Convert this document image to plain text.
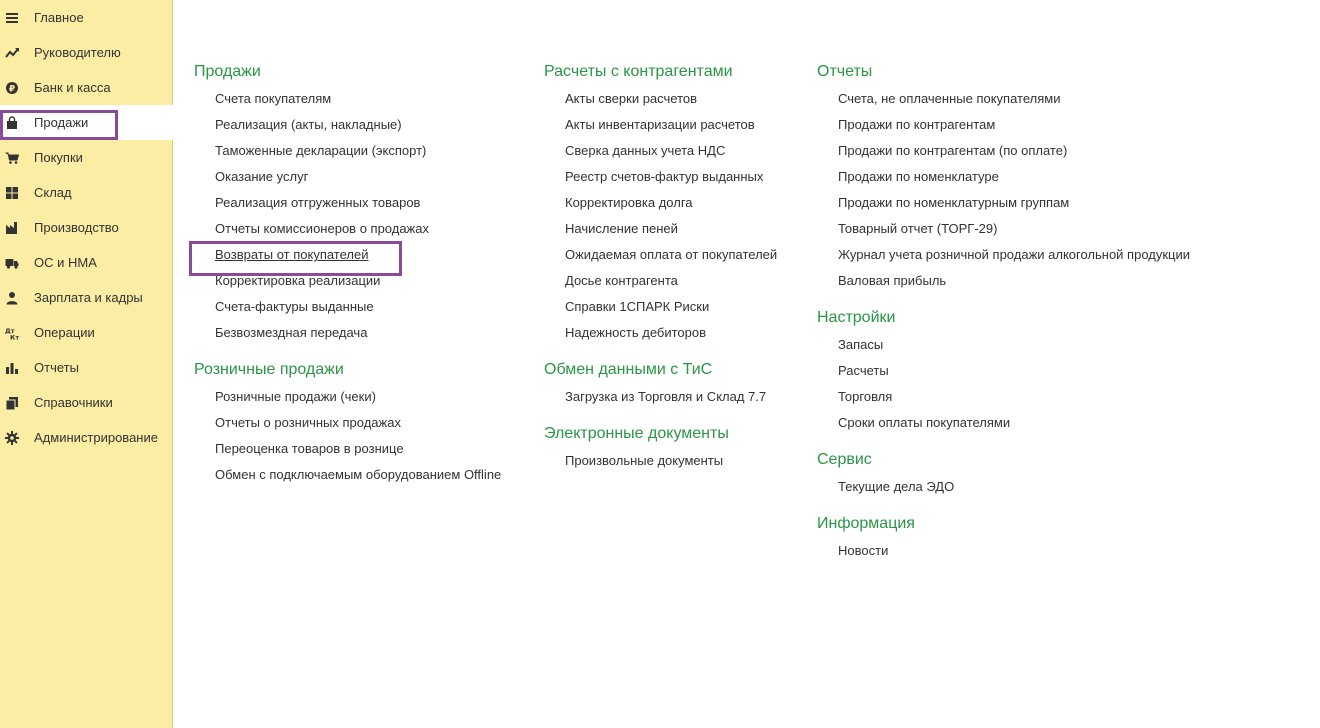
Главное
Руководителю
₽ Банк и касса
Продажи
Покупки
Склад
Производство
ОС и НМА
Зарплата и кадры
Дт
Кт Операции
Отчеты
Справочники
Администрирование
Продажи
Счета покупателям
Реализация (акты, накладные)
Таможенные декларации (экспорт)
Оказание услуг
Реализация отгруженных товаров
Отчеты комиссионеров о продажах
Возвраты от покупателей
Корректировка реализации
Счета-фактуры выданные
Безвозмездная передача
Розничные продажи
Розничные продажи (чеки)
Отчеты о розничных продажах
Переоценка товаров в рознице
Обмен с подключаемым оборудованием Offline
Расчеты с контрагентами
Акты сверки расчетов
Акты инвентаризации расчетов
Сверка данных учета НДС
Реестр счетов-фактур выданных
Корректировка долга
Начисление пеней
Ожидаемая оплата от покупателей
Досье контрагента
Справки 1СПАРК Риски
Надежность дебиторов
Обмен данными с ТиС
Загрузка из Торговля и Склад 7.7
Электронные документы
Произвольные документы
Отчеты
Счета, не оплаченные покупателями
Продажи по контрагентам
Продажи по контрагентам (по оплате)
Продажи по номенклатуре
Продажи по номенклатурным группам
Товарный отчет (ТОРГ-29)
Журнал учета розничной продажи алкогольной продукции
Валовая прибыль
Настройки
Запасы
Расчеты
Торговля
Сроки оплаты покупателями
Сервис
Текущие дела ЭДО
Информация
Новости
